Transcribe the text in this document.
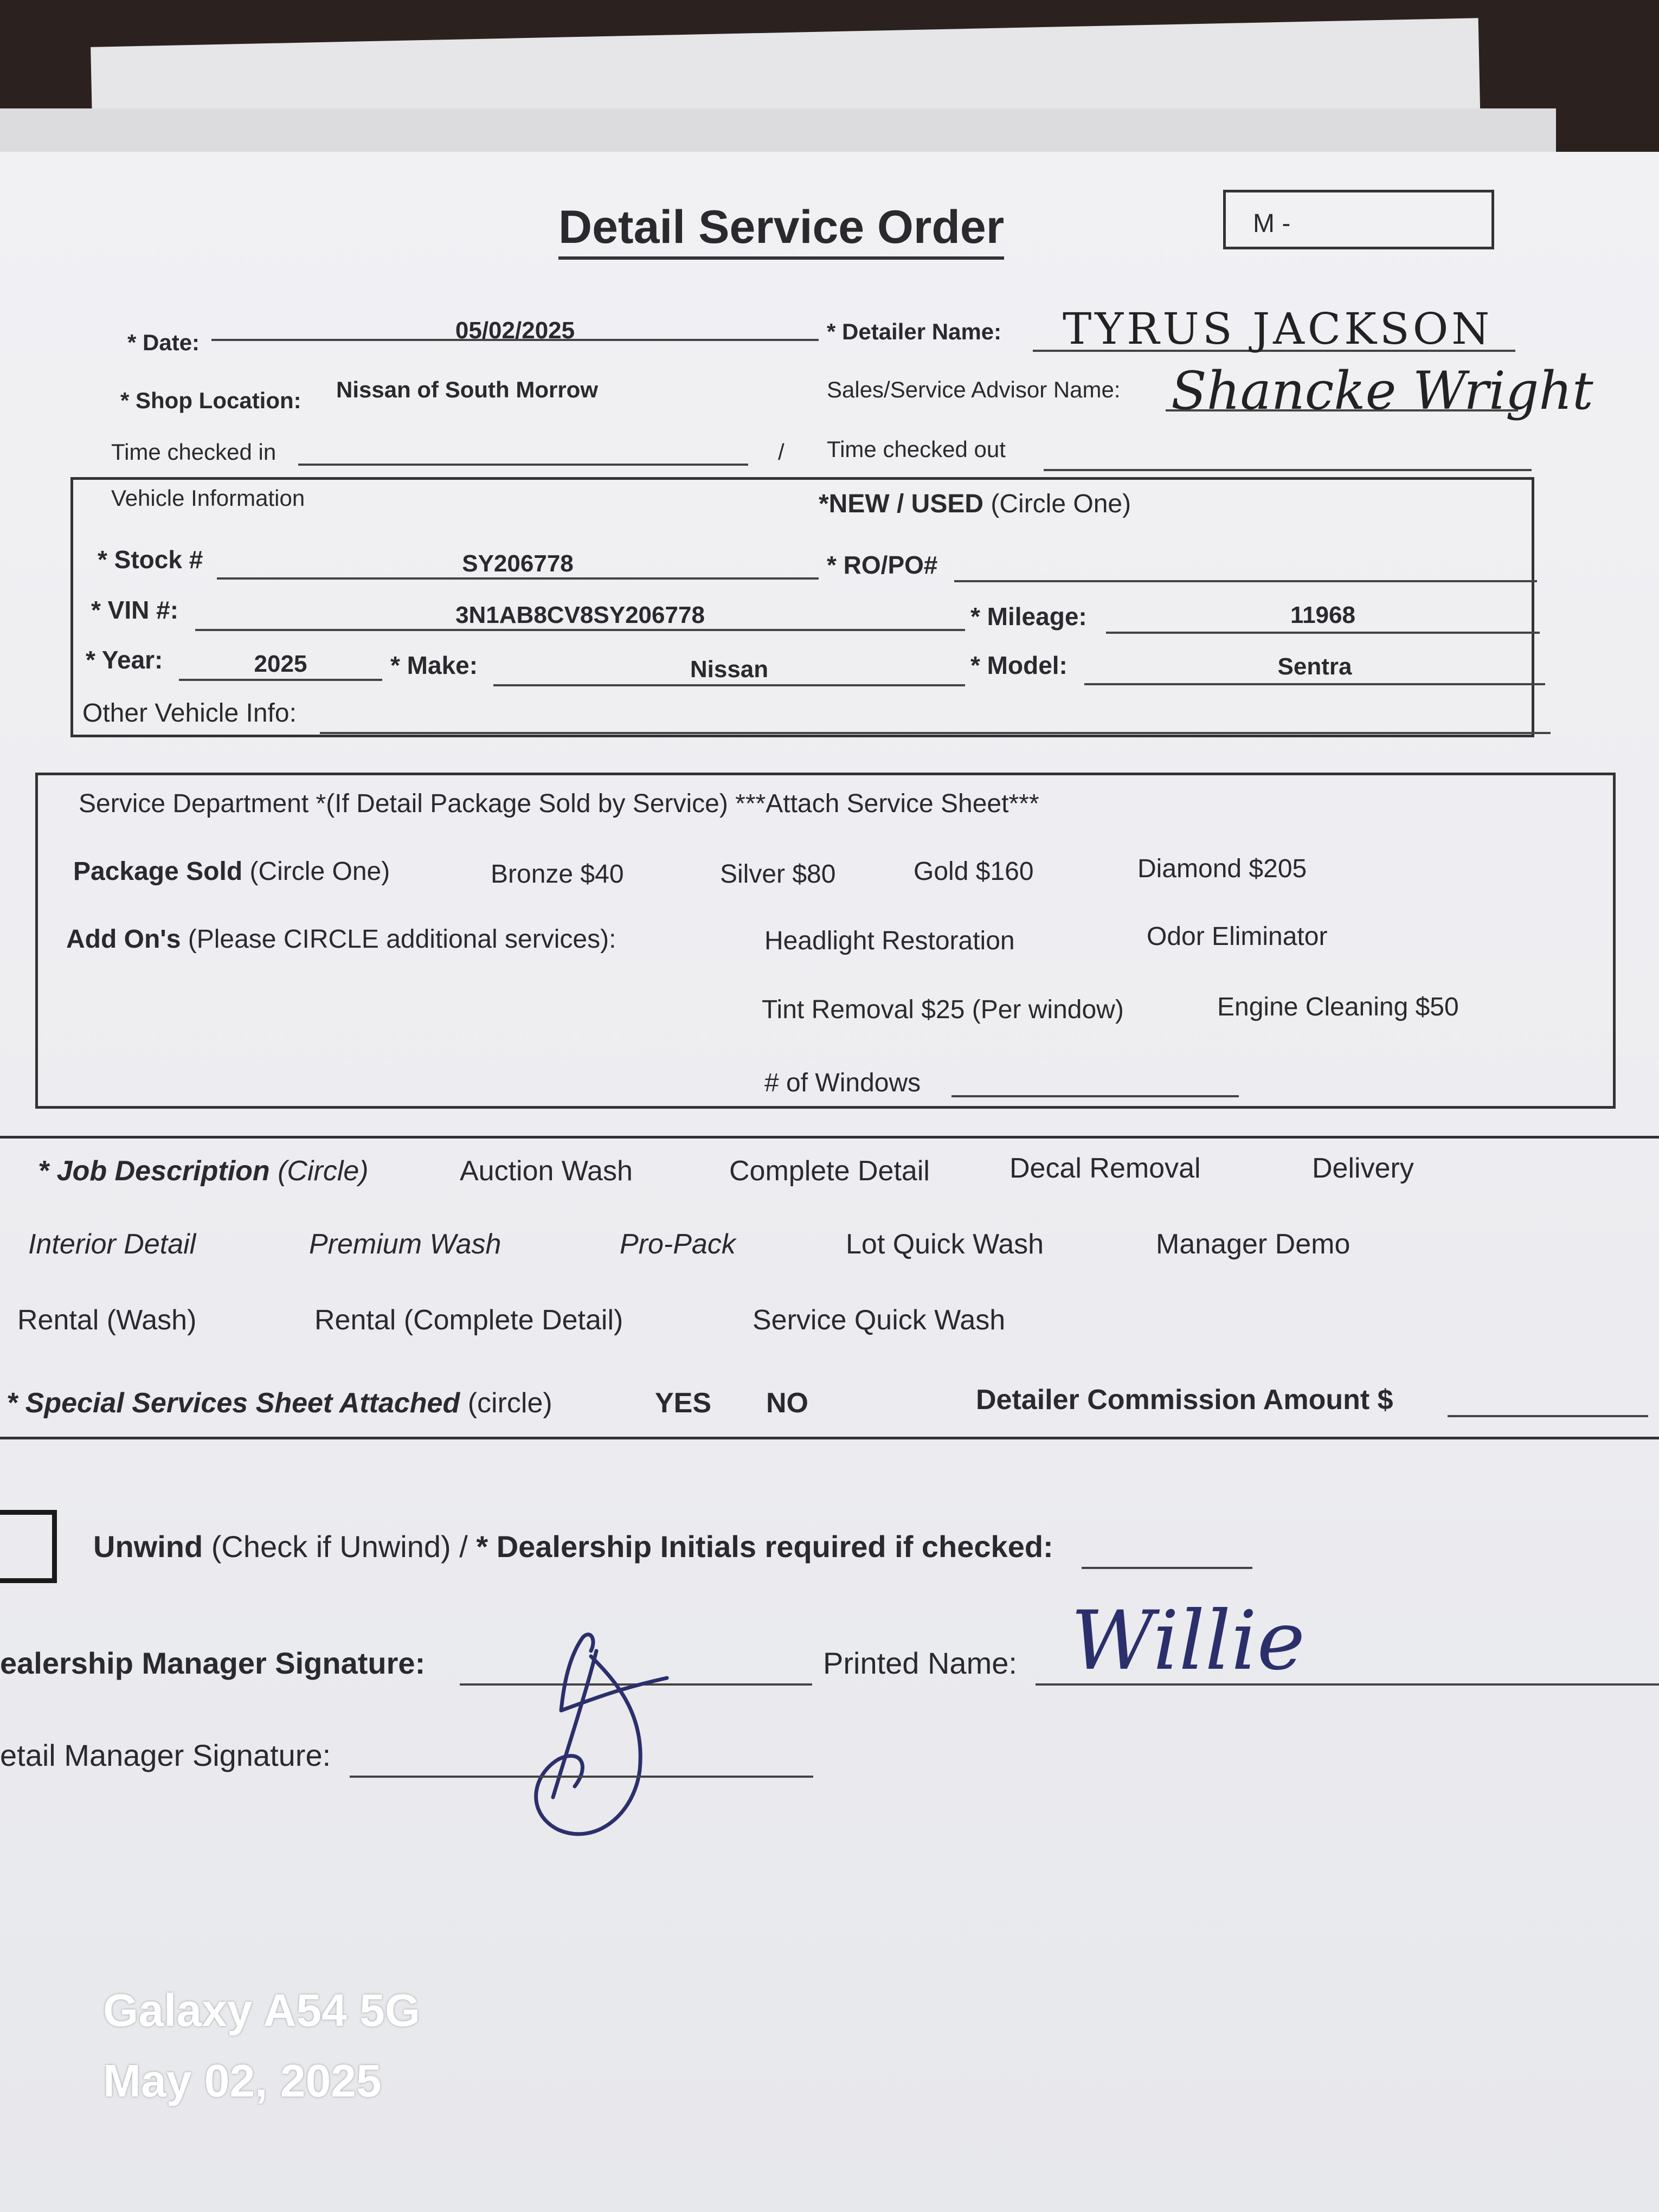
Detail Service Order	M -
* Date:	05/02/2025	* Detailer Name: TYRUS JACKSON
* Shop Location: Nissan of South Morrow	Sales/Service Advisor Name: Shancke Wright
Time checked in	/ Time checked out
Vehicle Information	*NEW / USED (Circle One)
* Stock #	SY206778	* RO/PO#
* VIN #:	3N1AB8CV8SY206778	* Mileage:	11968
* Year:	2025	* Make:	Nissan	* Model:	Sentra
Other Vehicle Info:
Service Department *(If Detail Package Sold by Service) ***Attach Service Sheet***
Package Sold (Circle One)	Bronze $40	Silver $80	Gold $160	Diamond $205
Add On's (Please CIRCLE additional services):	Headlight Restoration	Odor Eliminator
Tint Removal $25 (Per window)	Engine Cleaning $50
# of Windows
* Job Description (Circle)	Auction Wash	Complete Detail	Decal Removal	Delivery
Interior Detail	Premium Wash	Pro-Pack	Lot Quick Wash	Manager Demo
Rental (Wash)	Rental (Complete Detail)	Service Quick Wash
* Special Services Sheet Attached (circle)	YES NO	Detailer Commission Amount $
Unwind (Check if Unwind) / * Dealership Initials required if checked:
ealership Manager Signature:	Printed Name: Willie
etail Manager Signature:
Galaxy A54 5G
May 02, 2025
